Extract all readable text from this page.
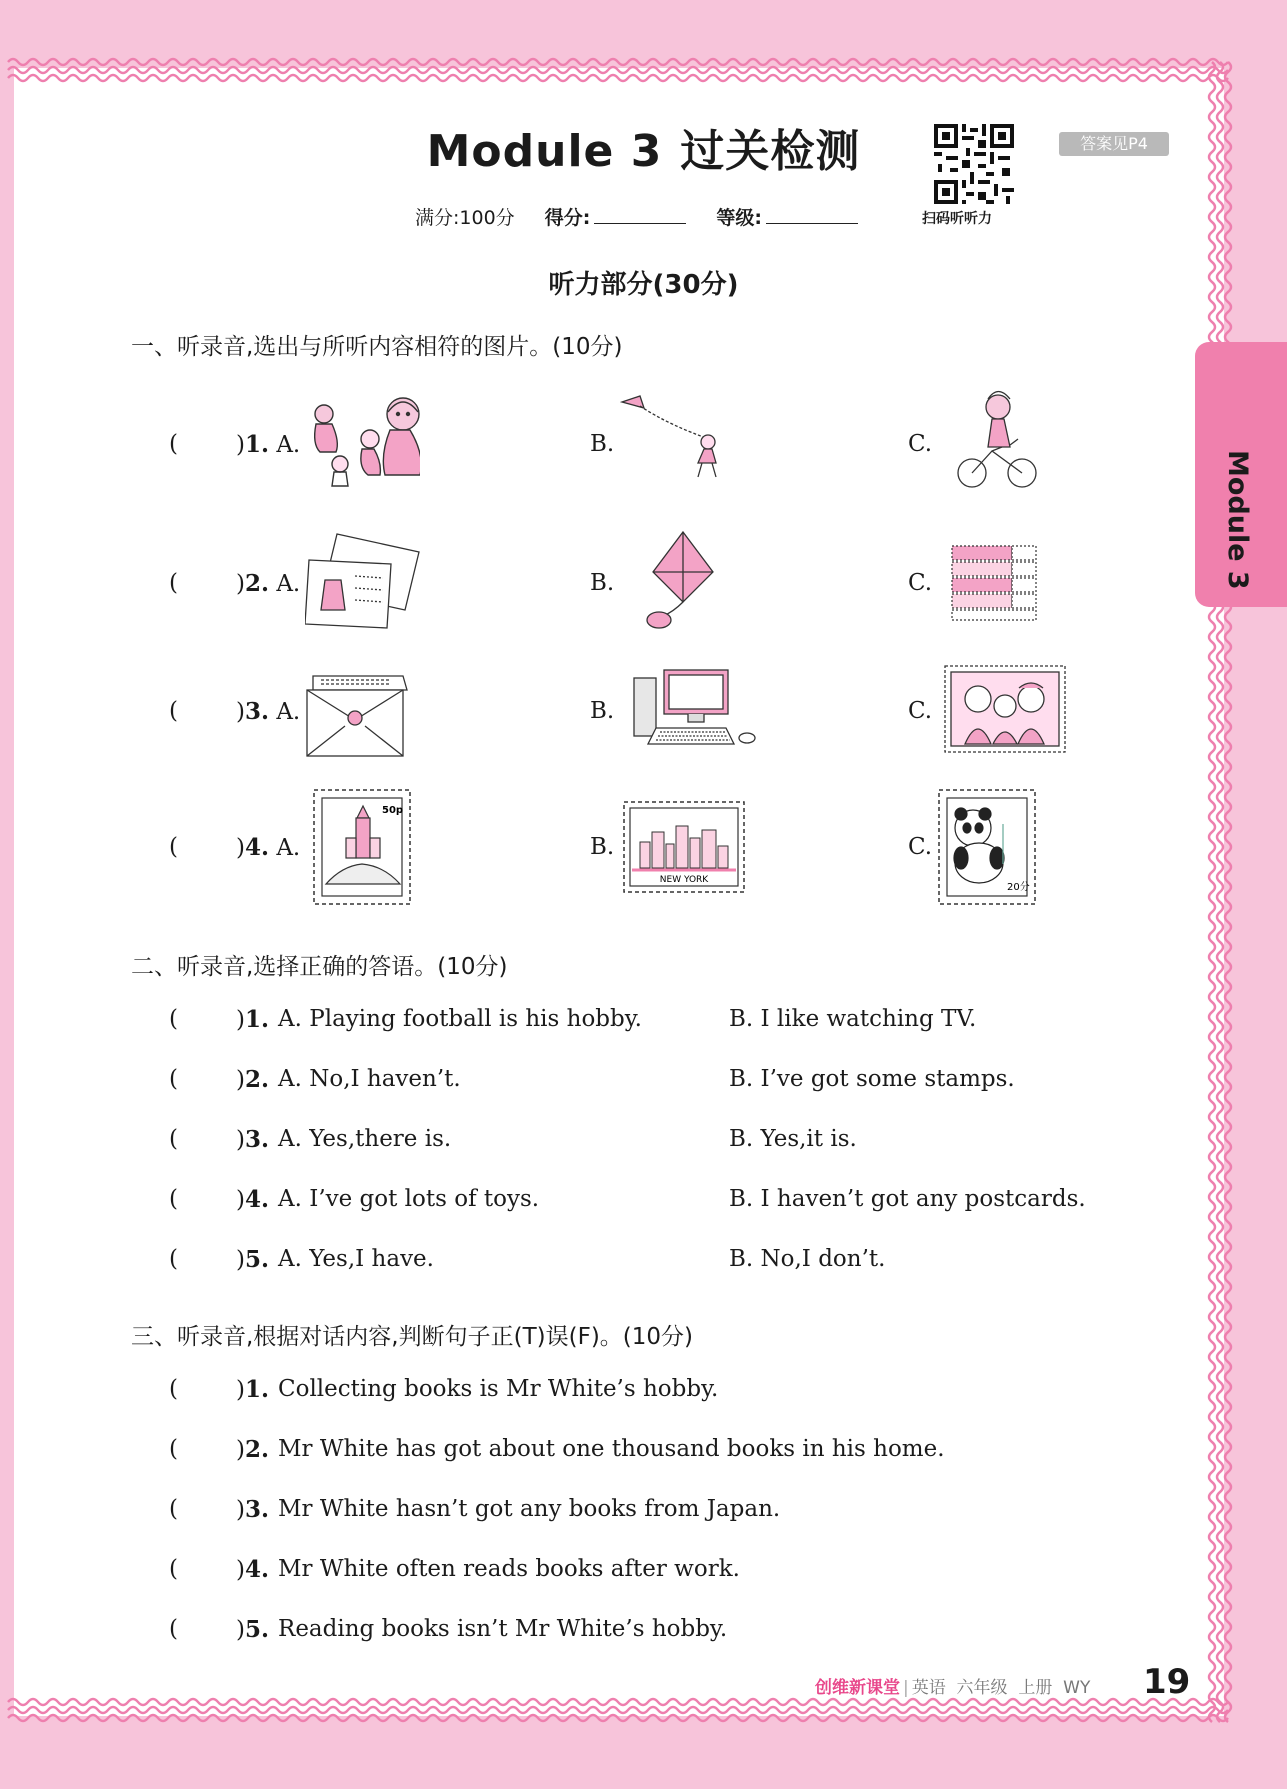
Module 3 过关检测
扫码听听力
答案见P4
满分:100分 得分:	等级:
听力部分(30分)
一、听录音,选出与所听内容相符的图片。(10分)
(	)1. A.	B.	C.
(	)2. A.	B.	C.
(	)3. A.	B.	C.
(	)4. A.	B.	C.
50p
NEW YORK
20分
二、听录音,选择正确的答语。(10分)
(	)1. A. Playing football is his hobby.	B. I like watching TV.
(	)2. A. No,I haven’t.	B. I’ve got some stamps.
(	)3. A. Yes,there is.	B. Yes,it is.
(	)4. A. I’ve got lots of toys.	B. I haven’t got any postcards.
(	)5. A. Yes,I have.	B. No,I don’t.
三、听录音,根据对话内容,判断句子正(T)误(F)。(10分)
(	)1. Collecting books is Mr White’s hobby.
(	)2. Mr White has got about one thousand books in his home.
(	)3. Mr White hasn’t got any books from Japan.
(	)4. Mr White often reads books after work.
(	)5. Reading books isn’t Mr White’s hobby.
创维新课堂 | 英语 六年级 上册 WY 19
